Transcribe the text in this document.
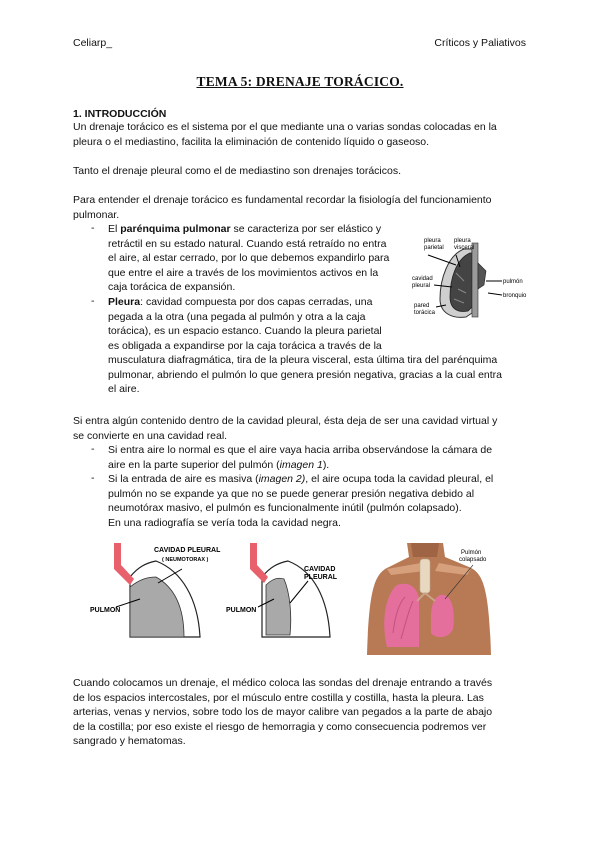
Celiarp_	Críticos y Paliativos
TEMA 5: DRENAJE TORÁCICO.
1. INTRODUCCIÓN
Un drenaje torácico es el sistema por el que mediante una o varias sondas colocadas en la
pleura o el mediastino, facilita la eliminación de contenido líquido o gaseoso.
Tanto el drenaje pleural como el de mediastino son drenajes torácicos.
Para entender el drenaje torácico es fundamental recordar la fisiología del funcionamiento
pulmonar.
- El parénquima pulmonar se caracteriza por ser elástico y
retráctil en su estado natural. Cuando está retraído no entra
el aire, al estar cerrado, por lo que debemos expandirlo para
que entre el aire a través de los movimientos activos en la
caja torácica de expansión.
- Pleura: cavidad compuesta por dos capas cerradas, una
pegada a la otra (una pegada al pulmón y otra a la caja
torácica), es un espacio estanco. Cuando la pleura parietal
es obligada a expandirse por la caja torácica a través de la
musculatura diafragmática, tira de la pleura visceral, esta última tira del parénquima
pulmonar, abriendo el pulmón lo que genera presión negativa, gracias a la cual entra
el aire.
pleura
parietal
pleura
visceral
cavidad
pleural
pulmón
bronquio
pared
torácica
Si entra algún contenido dentro de la cavidad pleural, ésta deja de ser una cavidad virtual y
se convierte en una cavidad real.
- Si entra aire lo normal es que el aire vaya hacia arriba observándose la cámara de
aire en la parte superior del pulmón (imagen 1).
- Si la entrada de aire es masiva (imagen 2), el aire ocupa toda la cavidad pleural, el
pulmón no se expande ya que no se puede generar presión negativa debido al
neumotórax masivo, el pulmón es funcionalmente inútil (pulmón colapsado).
En una radiografía se vería toda la cavidad negra.
CAVIDAD PLEURAL
( NEUMOTORAX )
PULMON
CAVIDAD
PLEURAL
PULMON
Pulmón
colapsado
Cuando colocamos un drenaje, el médico coloca las sondas del drenaje entrando a través
de los espacios intercostales, por el músculo entre costilla y costilla, hasta la pleura. Las
arterias, venas y nervios, sobre todo los de mayor calibre van pegados a la parte de abajo
de la costilla; por eso existe el riesgo de hemorragia y como consecuencia podremos ver
sangrado y hematomas.
